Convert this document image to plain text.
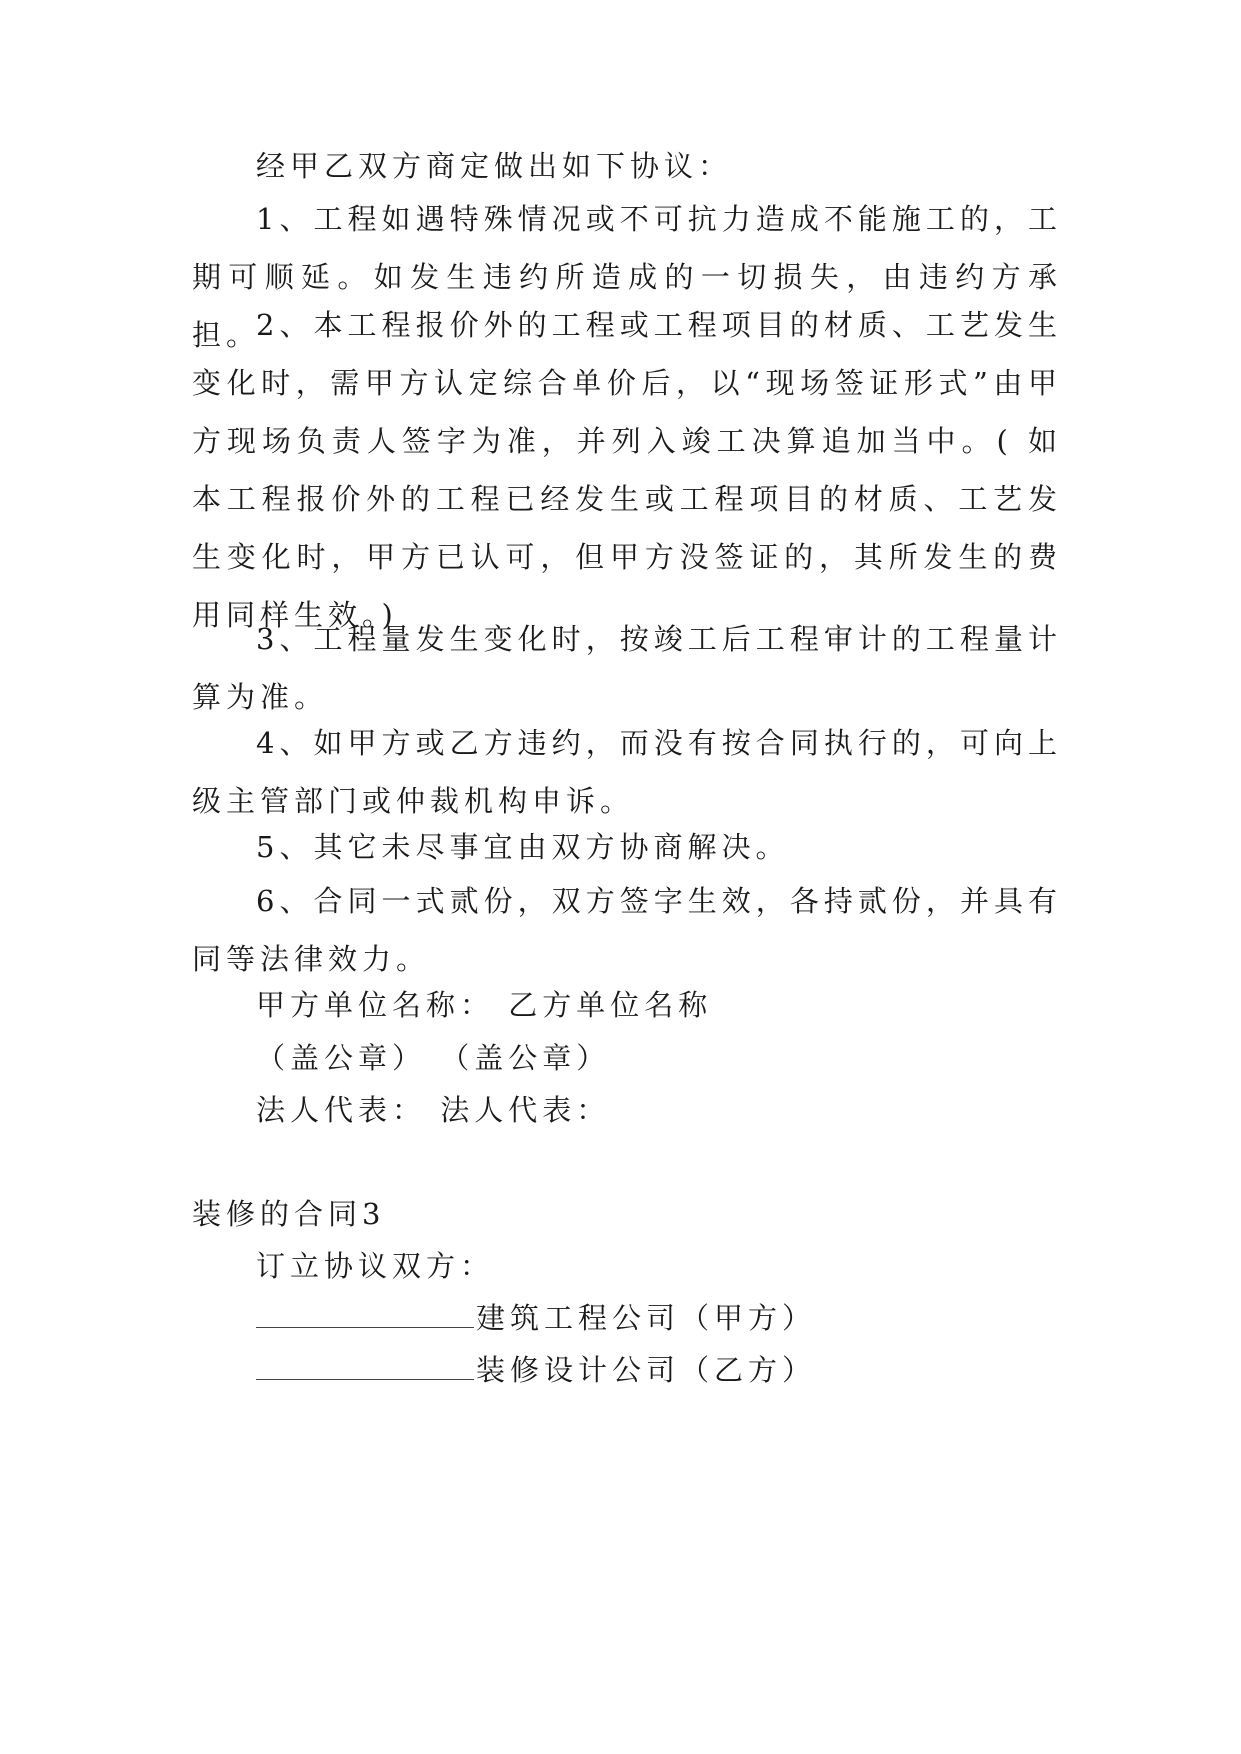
经甲乙双方商定做出如下协议：

1、工程如遇特殊情况或不可抗力造成不能施工的，工期可顺延。如发生违约所造成的一切损失，由违约方承担。

2、本工程报价外的工程或工程项目的材质、工艺发生变化时，需甲方认定综合单价后，以“现场签证形式”由甲方现场负责人签字为准，并列入竣工决算追加当中。( 如本工程报价外的工程已经发生或工程项目的材质、工艺发生变化时，甲方已认可，但甲方没签证的，其所发生的费用同样生效。)

3、工程量发生变化时，按竣工后工程审计的工程量计算为准。

4、如甲方或乙方违约，而没有按合同执行的，可向上级主管部门或仲裁机构申诉。

5、其它未尽事宜由双方协商解决。

6、合同一式贰份，双方签字生效，各持贰份，并具有同等法律效力。

甲方单位名称： 乙方单位名称

（盖公章） （盖公章）

法人代表： 法人代表：

装修的合同3

订立协议双方：

建筑工程公司（甲方）

装修设计公司（乙方）
